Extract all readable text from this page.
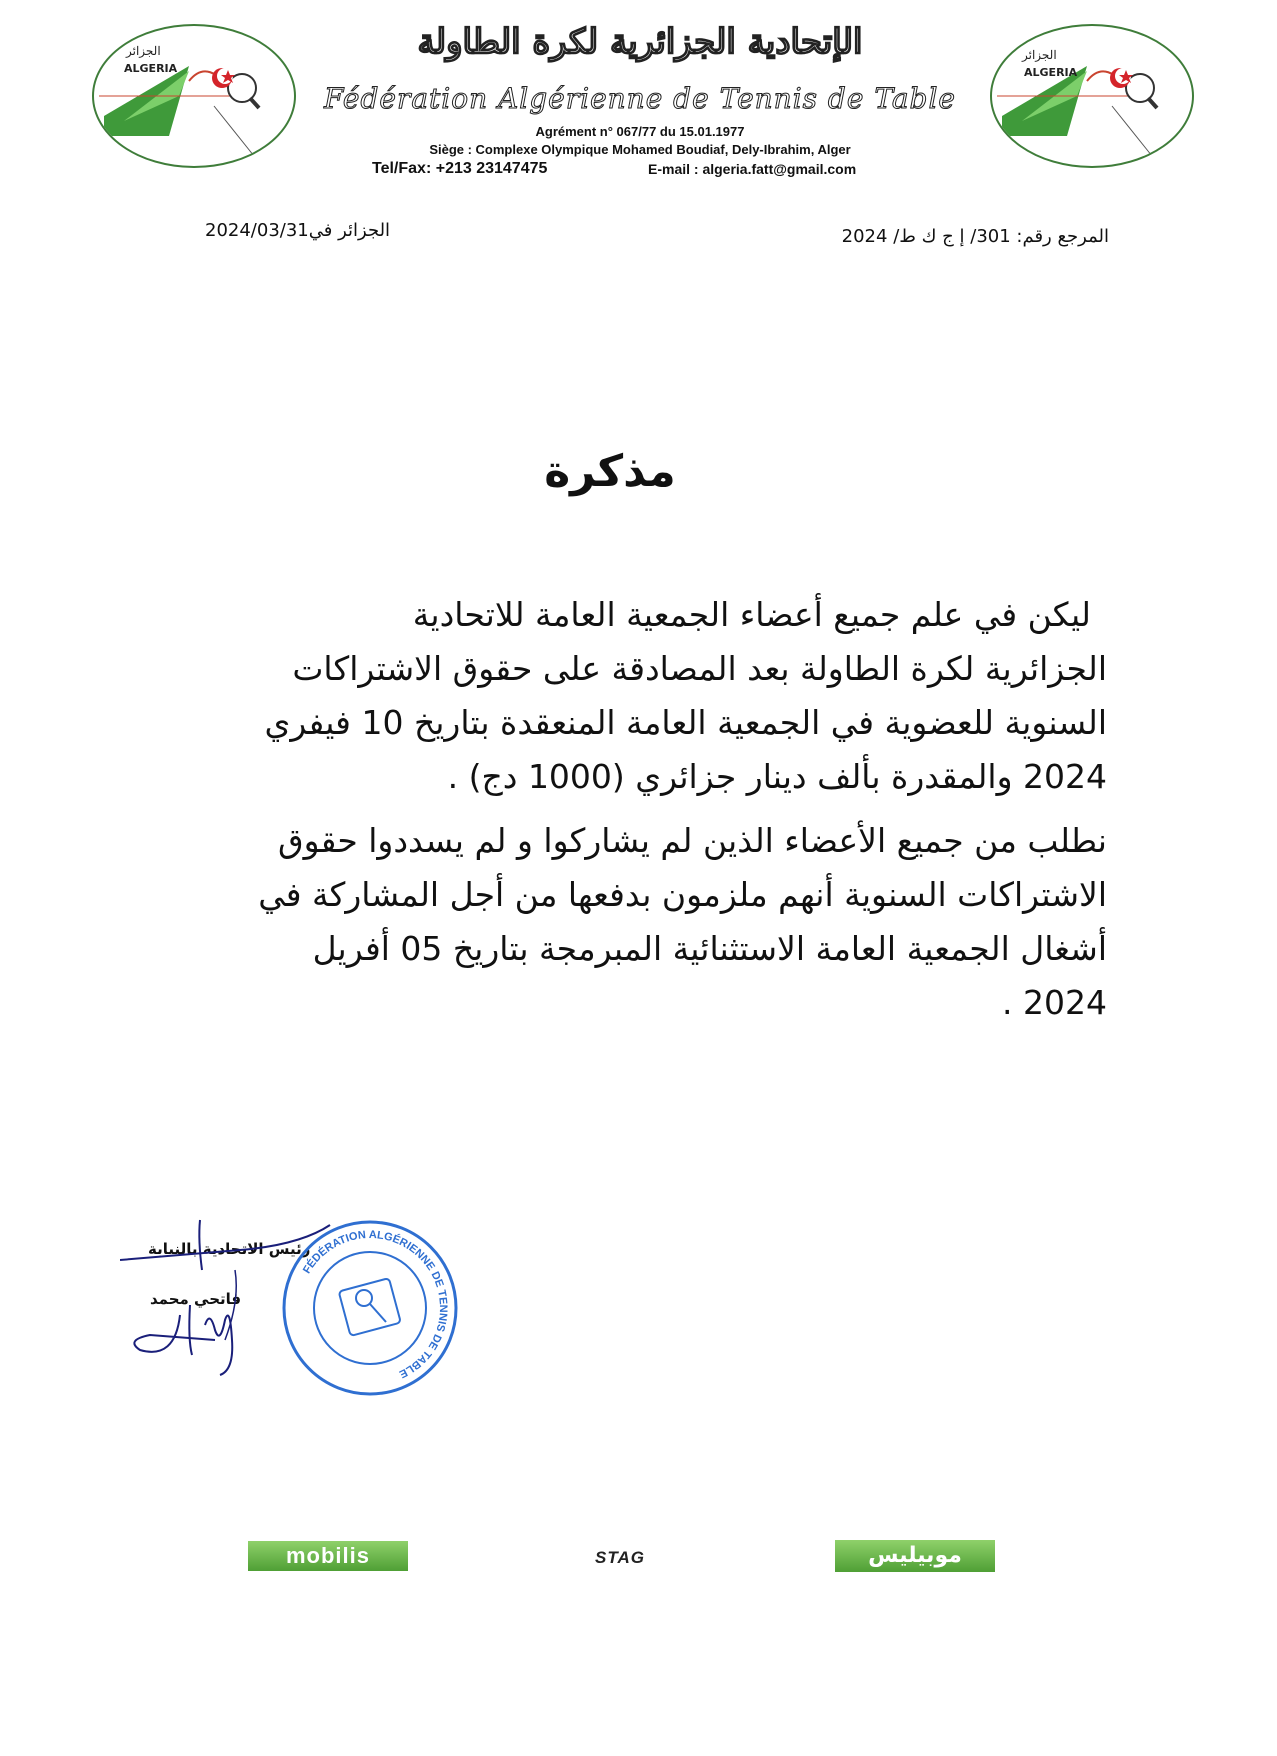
الجزائر
ALGERIA
الجزائر
ALGERIA
الإتحادية الجزائرية لكرة الطاولة
Fédération Algérienne de Tennis de Table
Agrément n° 067/77 du 15.01.1977
Siège : Complexe Olympique Mohamed Boudiaf, Dely-Ibrahim, Alger
Tel/Fax: +213 23147475	E-mail : algeria.fatt@gmail.com
المرجع رقم: 301/ إ ج ك ط/ 2024
الجزائر في2024/03/31
مذكرة

ليكن في علم جميع أعضاء الجمعية العامة للاتحادية

الجزائرية لكرة الطاولة بعد المصادقة على حقوق الاشتراكات
السنوية للعضوية في الجمعية العامة المنعقدة بتاريخ 10 فيفري
2024 والمقدرة بألف دينار جزائري (1000 دج) .

نطلب من جميع الأعضاء الذين لم يشاركوا و لم يسددوا حقوق
الاشتراكات السنوية أنهم ملزمون بدفعها من أجل المشاركة في
أشغال الجمعية العامة الاستثنائية المبرمجة بتاريخ 05 أفريل
2024 .

رئيس الاتحادية بالنيابة
فاتحي محمد
FÉDÉRATION ALGÉRIENNE DE TENNIS DE TABLE
mobilis	STAG	موبيليس
